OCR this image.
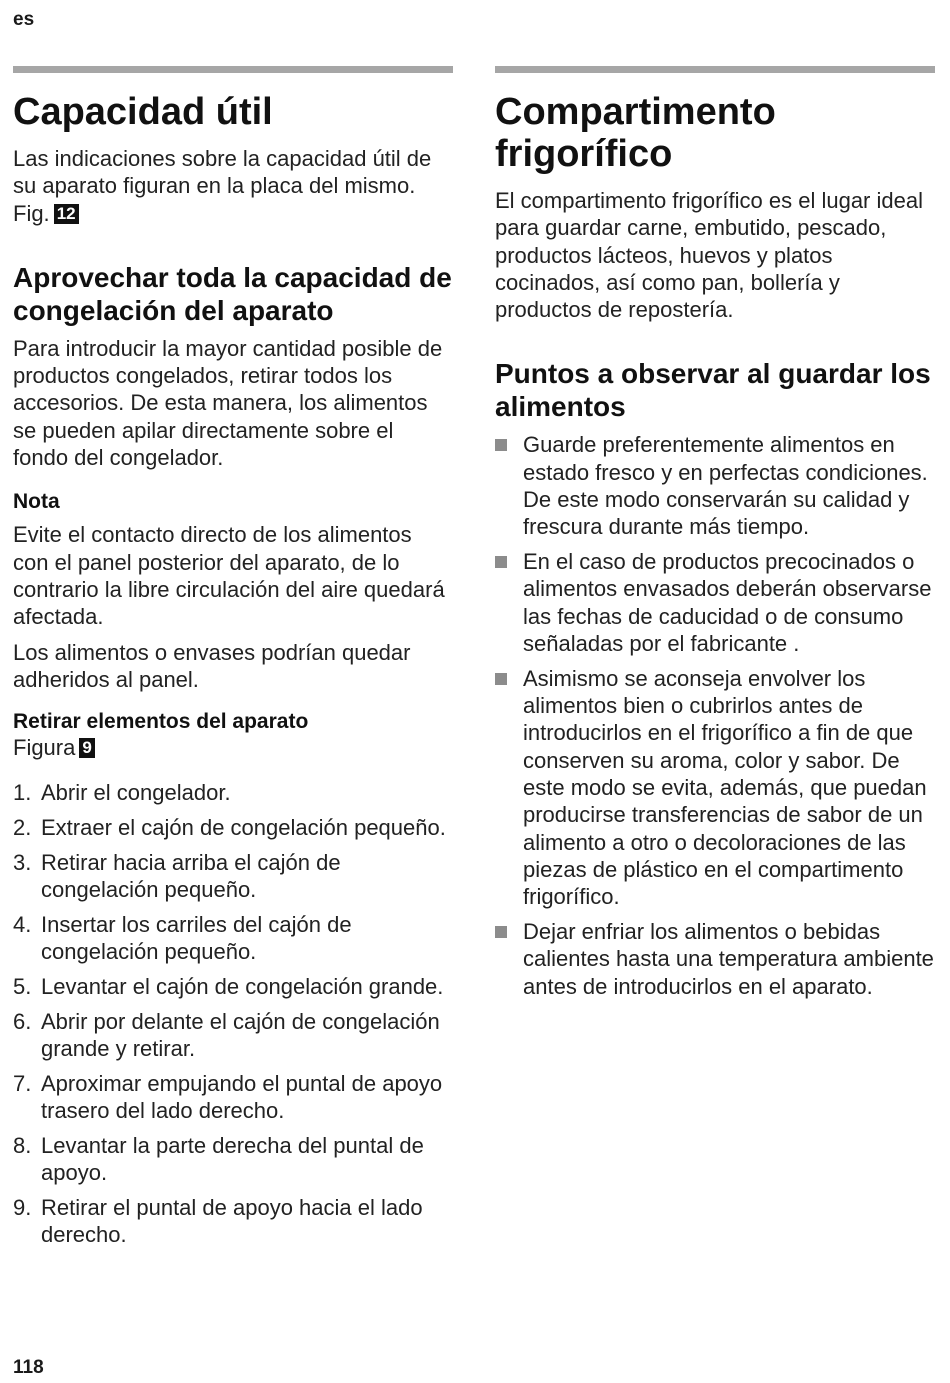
es
Capacidad útil

Las indicaciones sobre la capacidad útil de su aparato figuran en la placa del mismo. Fig. 12

Aprovechar toda la capacidad de congelación del aparato

Para introducir la mayor cantidad posible de productos congelados, retirar todos los accesorios. De esta manera, los alimentos se pueden apilar directamente sobre el fondo del congelador.

Nota

Evite el contacto directo de los alimentos con el panel posterior del aparato, de lo contrario la libre circulación del aire quedará afectada.

Los alimentos o envases podrían quedar adheridos al panel.

Retirar elementos del aparato
Figura 9
1. Abrir el congelador.
2. Extraer el cajón de congelación pequeño.
3. Retirar hacia arriba el cajón de congelación pequeño.
4. Insertar los carriles del cajón de congelación pequeño.
5. Levantar el cajón de congelación grande.
6. Abrir por delante el cajón de congelación grande y retirar.
7. Aproximar empujando el puntal de apoyo trasero del lado derecho.
8. Levantar la parte derecha del puntal de apoyo.
9. Retirar el puntal de apoyo hacia el lado derecho.
Compartimento frigorífico

El compartimento frigorífico es el lugar ideal para guardar carne, embutido, pescado, productos lácteos, huevos y platos cocinados, así como pan, bollería y productos de repostería.

Puntos a observar al guardar los alimentos
Guarde preferentemente alimentos en estado fresco y en perfectas condiciones. De este modo conservarán su calidad y frescura durante más tiempo.
En el caso de productos precocinados o alimentos envasados deberán observarse las fechas de caducidad o de consumo señaladas por el fabricante .
Asimismo se aconseja envolver los alimentos bien o cubrirlos antes de introducirlos en el frigorífico a fin de que conserven su aroma, color y sabor. De este modo se evita, además, que puedan producirse transferencias de sabor de un alimento a otro o decoloraciones de las piezas de plástico en el compartimento frigorífico.
Dejar enfriar los alimentos o bebidas calientes hasta una temperatura ambiente antes de introducirlos en el aparato.
118
